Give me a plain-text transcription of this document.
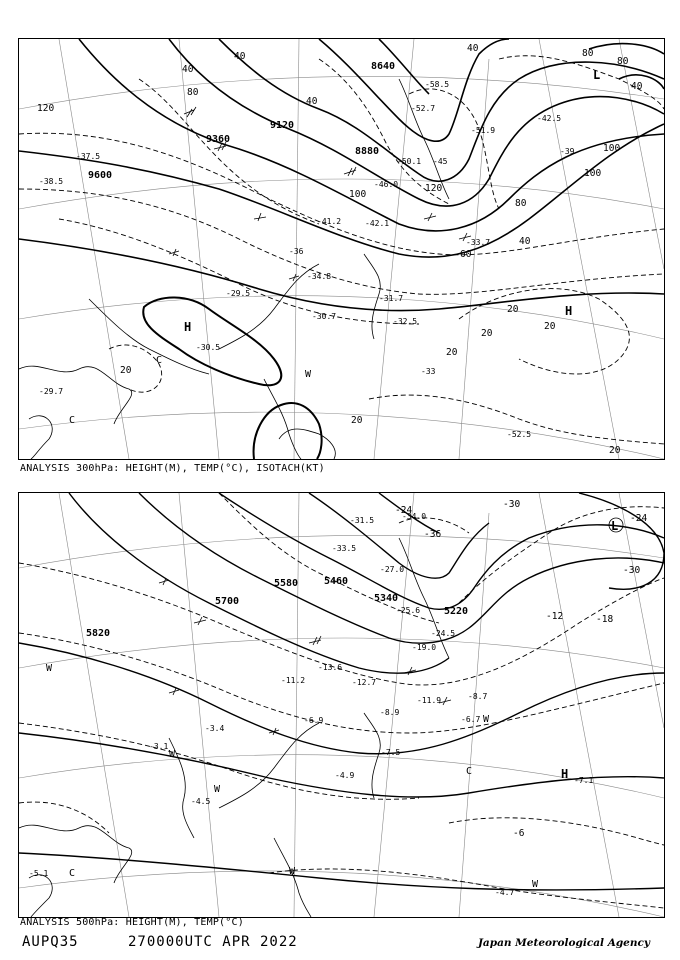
9600
9360
9120
8880
8640
120
100
80
60
40
20
20
20
20
20
20
40
80
100
100
80
40
40
40
80
40
120
20
-52.7
-51.9
-50.1
-46.0
-45
-42.1
-42.5
-41.2
-39
-38.5
-37.5
-34.8
-33.7
-32.5
-31.7
-30.7
-29.5
-29.7
-30.5
-52.5
-33
-36
-58.5
H
H
L
C
C
W
ANALYSIS 300hPa: HEIGHT(M), TEMP(°C), ISOTACH(KT)
5820
5700
5580	5460
5340
5220
-36
-30
-24
-18
-12
-6
-30
-24
-31.5	-34.0
-33.5
-27.0
-25.6
-24.5
-19.0
-12.7
-13.6
-11.9
-11.2
-8.9
-8.7
-7.5
-6.7
-6.9
-4.9
-4.5
-4.7
-7.1
-5.1
-3.4
-3.1
L
H
W
W
W
W
W
W
C
C
ANALYSIS 500hPa: HEIGHT(M), TEMP(°C)
AUPQ35	270000UTC APR 2022	Japan Meteorological Agency
